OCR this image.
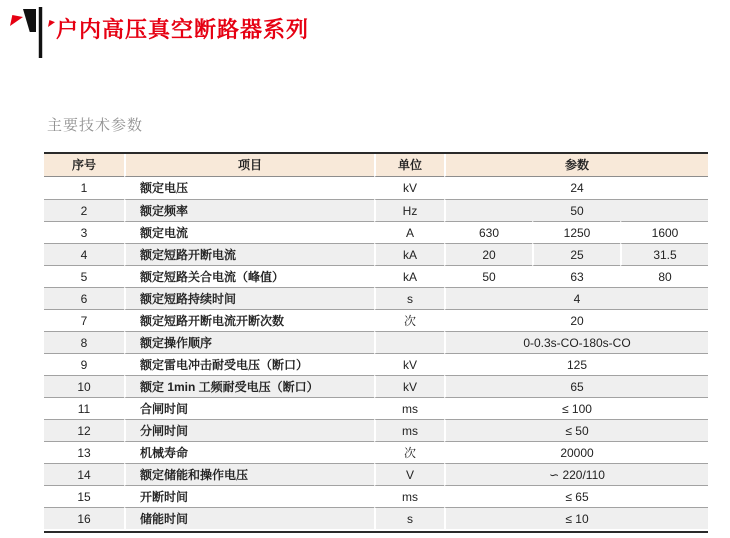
户内高压真空断路器系列
主要技术参数
序号	项目	单位	参数		
1	额定电压	kV	24		
2	额定频率	Hz	50		
3	额定电流	A	630	1250	1600
4	额定短路开断电流	kA	20	25	31.5
5	额定短路关合电流（峰值）	kA	50	63	80
6	额定短路持续时间	s	4		
7	额定短路开断电流开断次数	次	20		
8	额定操作顺序		0-0.3s-CO-180s-CO		
9	额定雷电冲击耐受电压（断口）	kV	125		
10	额定 1min 工频耐受电压（断口）	kV	65		
11	合闸时间	ms	≤ 100		
12	分闸时间	ms	≤ 50		
13	机械寿命	次	20000		
14	额定储能和操作电压	V	∽ 220/110		
15	开断时间	ms	≤ 65		
16	储能时间	s	≤ 10		
